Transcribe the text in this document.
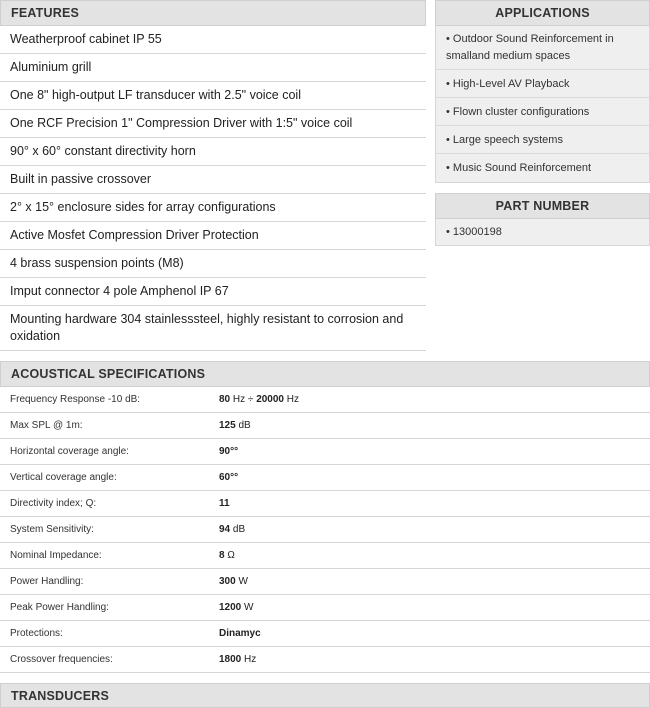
FEATURES
Weatherproof cabinet IP 55
Aluminium grill
One 8" high-output LF transducer with 2.5" voice coil
One RCF Precision 1" Compression Driver with 1:5" voice coil
90° x 60° constant directivity horn
Built in passive crossover
2° x 15° enclosure sides for array configurations
Active Mosfet Compression Driver Protection
4 brass suspension points (M8)
Imput connector 4 pole Amphenol IP 67
Mounting hardware 304 stainlesssteel, highly resistant to corrosion and oxidation
APPLICATIONS
• Outdoor Sound Reinforcement in smalland medium spaces
• High-Level AV Playback
• Flown cluster configurations
• Large speech systems
• Music Sound Reinforcement
PART NUMBER
• 13000198
ACOUSTICAL SPECIFICATIONS
Frequency Response -10 dB:	80 Hz ÷ 20000 Hz
Max SPL @ 1m:	125 dB
Horizontal coverage angle:	90°°
Vertical coverage angle:	60°°
Directivity index; Q:	11
System Sensitivity:	94 dB
Nominal Impedance:	8 Ω
Power Handling:	300 W
Peak Power Handling:	1200 W
Protections:	Dinamyc
Crossover frequencies:	1800 Hz
TRANSDUCERS
